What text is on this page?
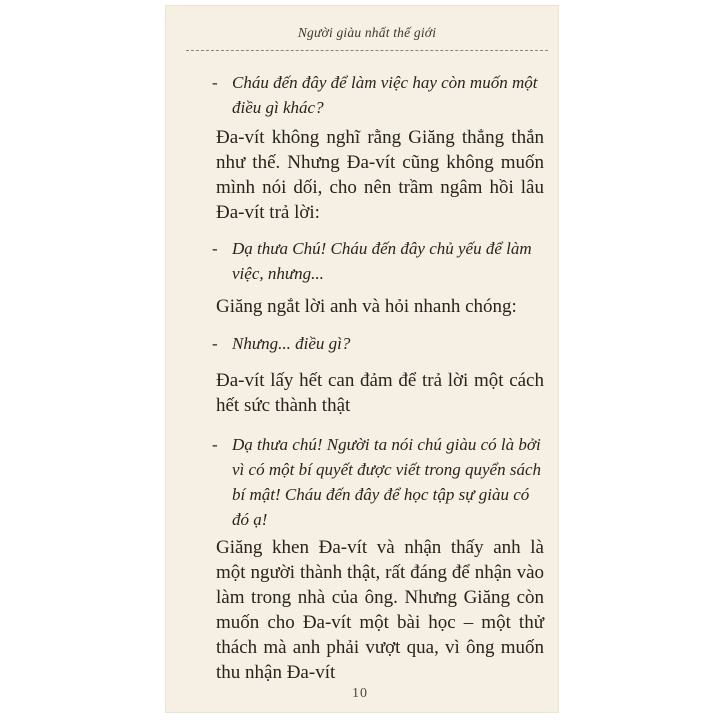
Người giàu nhất thế giới
- Cháu đến đây để làm việc hay còn muốn một điều gì khác?

Đa-vít không nghĩ rằng Giăng thẳng thắn như thế. Nhưng Đa-vít cũng không muốn mình nói dối, cho nên trầm ngâm hồi lâu Đa-vít trả lời:

- Dạ thưa Chú! Cháu đến đây chủ yếu để làm việc, nhưng...

Giăng ngắt lời anh và hỏi nhanh chóng:

- Nhưng... điều gì?

Đa-vít lấy hết can đảm để trả lời một cách hết sức thành thật

- Dạ thưa chú! Người ta nói chú giàu có là bởi vì có một bí quyết được viết trong quyển sách bí mật! Cháu đến đây để học tập sự giàu có đó ạ!

Giăng khen Đa-vít và nhận thấy anh là một người thành thật, rất đáng để nhận vào làm trong nhà của ông. Nhưng Giăng còn muốn cho Đa-vít một bài học – một thử thách mà anh phải vượt qua, vì ông muốn thu nhận Đa-vít

10
